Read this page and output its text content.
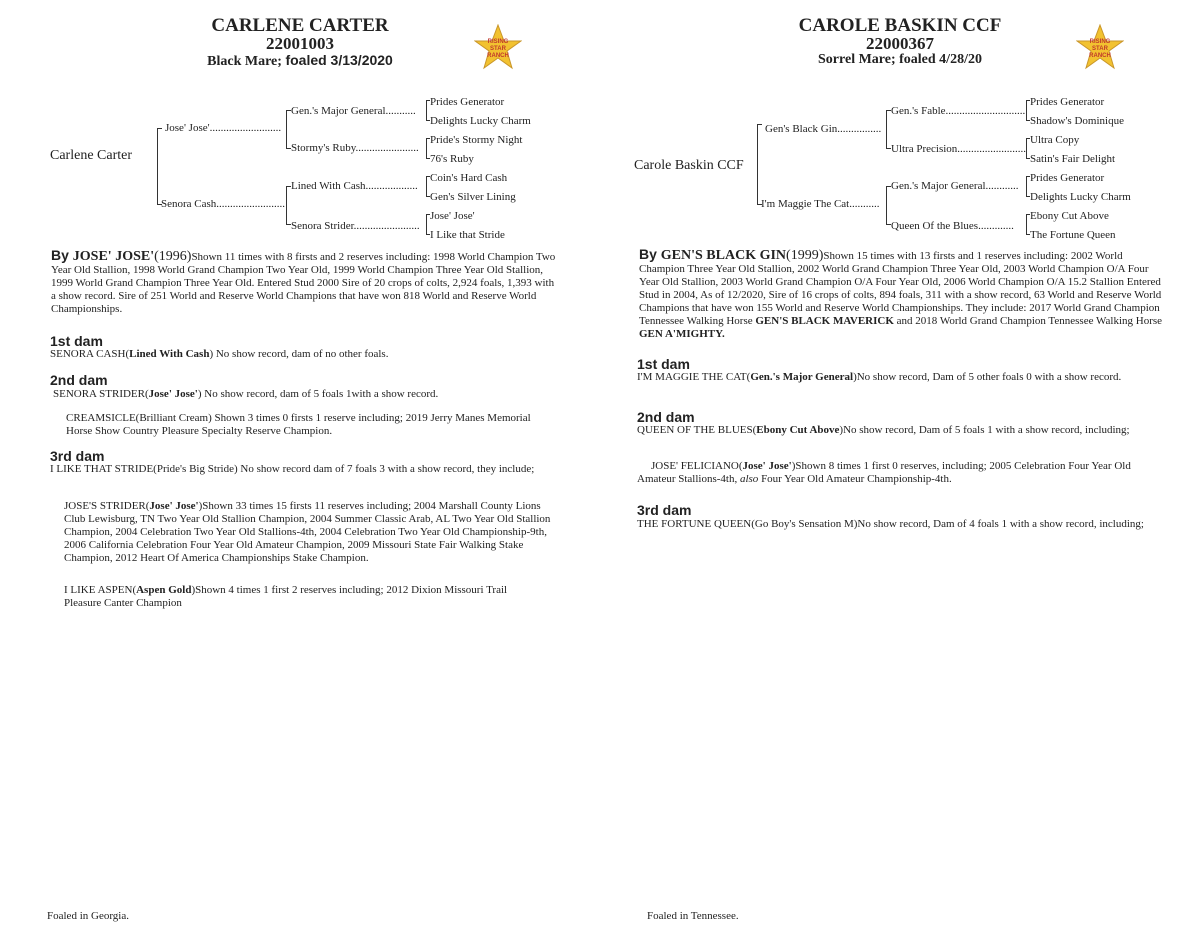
CARLENE CARTER
22001003
Black Mare; foaled 3/13/2020
RISING
STAR
RANCH
Carlene Carter
Jose' Jose'..........................
Senora Cash.........................
Gen.'s Major General...........
Stormy's Ruby.......................
Lined With Cash...................
Senora Strider........................
Prides Generator
Delights Lucky Charm
Pride's Stormy Night
76's Ruby
Coin's Hard Cash
Gen's Silver Lining
Jose' Jose'
I Like that Stride
By JOSE' JOSE'(1996)Shown 11 times with 8 firsts and 2 reserves including: 1998 World Champion Two Year Old Stallion, 1998 World Grand Champion Two Year Old, 1999 World Champion Three Year Old Stallion, 1999 World Grand Champion Three Year Old. Entered Stud 2000 Sire of 20 crops of colts, 2,924 foals, 1,393 with a show record. Sire of 251 World and Reserve World Champions that have won 818 World and Reserve World Championships.
1st dam
SENORA CASH(Lined With Cash) No show record, dam of no other foals.
2nd dam
SENORA STRIDER(Jose' Jose') No show record, dam of 5 foals 1with a show record.
CREAMSICLE(Brilliant Cream) Shown 3 times 0 firsts 1 reserve including; 2019 Jerry Manes Memorial Horse Show Country Pleasure Specialty Reserve Champion.
3rd dam
I LIKE THAT STRIDE(Pride's Big Stride) No show record dam of 7 foals 3 with a show record, they include;
JOSE'S STRIDER(Jose' Jose')Shown 33 times 15 firsts 11 reserves including; 2004 Marshall County Lions Club Lewisburg, TN Two Year Old Stallion Champion, 2004 Summer Classic Arab, AL Two Year Old Stallion Champion, 2004 Celebration Two Year Old Stallions-4th, 2004 Celebration Two Year Old Championship-9th, 2006 California Celebration Four Year Old Amateur Champion, 2009 Missouri State Fair Walking Stake Champion, 2012 Heart Of America Championships Stake Champion.
I LIKE ASPEN(Aspen Gold)Shown 4 times 1 first 2 reserves including; 2012 Dixion Missouri Trail Pleasure Canter Champion
Foaled in Georgia.
CAROLE BASKIN CCF
22000367
Sorrel Mare; foaled 4/28/20
RISING
STAR
RANCH
Carole Baskin CCF
Gen's Black Gin................
I'm Maggie The Cat...........
Gen.'s Fable.............................
Ultra Precision.........................
Gen.'s Major General............
Queen Of the Blues.............
Prides Generator
Shadow's Dominique
Ultra Copy
Satin's Fair Delight
Prides Generator
Delights Lucky Charm
Ebony Cut Above
The Fortune Queen
By GEN'S BLACK GIN(1999)Shown 15 times with 13 firsts and 1 reserves including: 2002 World Champion Three Year Old Stallion, 2002 World Grand Champion Three Year Old, 2003 World Champion O/A Four Year Old Stallion, 2003 World Grand Champion O/A Four Year Old, 2006 World Champion O/A 15.2 Stallion Entered Stud in 2004, As of 12/2020, Sire of 16 crops of colts, 894 foals, 311 with a show record, 63 World and Reserve World Champions that have won 155 World and Reserve World Championships. They include: 2017 World Grand Champion Tennessee Walking Horse GEN'S BLACK MAVERICK and 2018 World Grand Champion Tennessee Walking Horse GEN A'MIGHTY.
1st dam
I'M MAGGIE THE CAT(Gen.'s Major General)No show record, Dam of 5 other foals 0 with a show record.
2nd dam
QUEEN OF THE BLUES(Ebony Cut Above)No show record, Dam of 5 foals 1 with a show record, including;
JOSE' FELICIANO(Jose' Jose')Shown 8 times 1 first 0 reserves, including; 2005 Celebration Four Year Old Amateur Stallions-4th, also Four Year Old Amateur Championship-4th.
3rd dam
THE FORTUNE QUEEN(Go Boy's Sensation M)No show record, Dam of 4 foals 1 with a show record, including;
Foaled in Tennessee.
